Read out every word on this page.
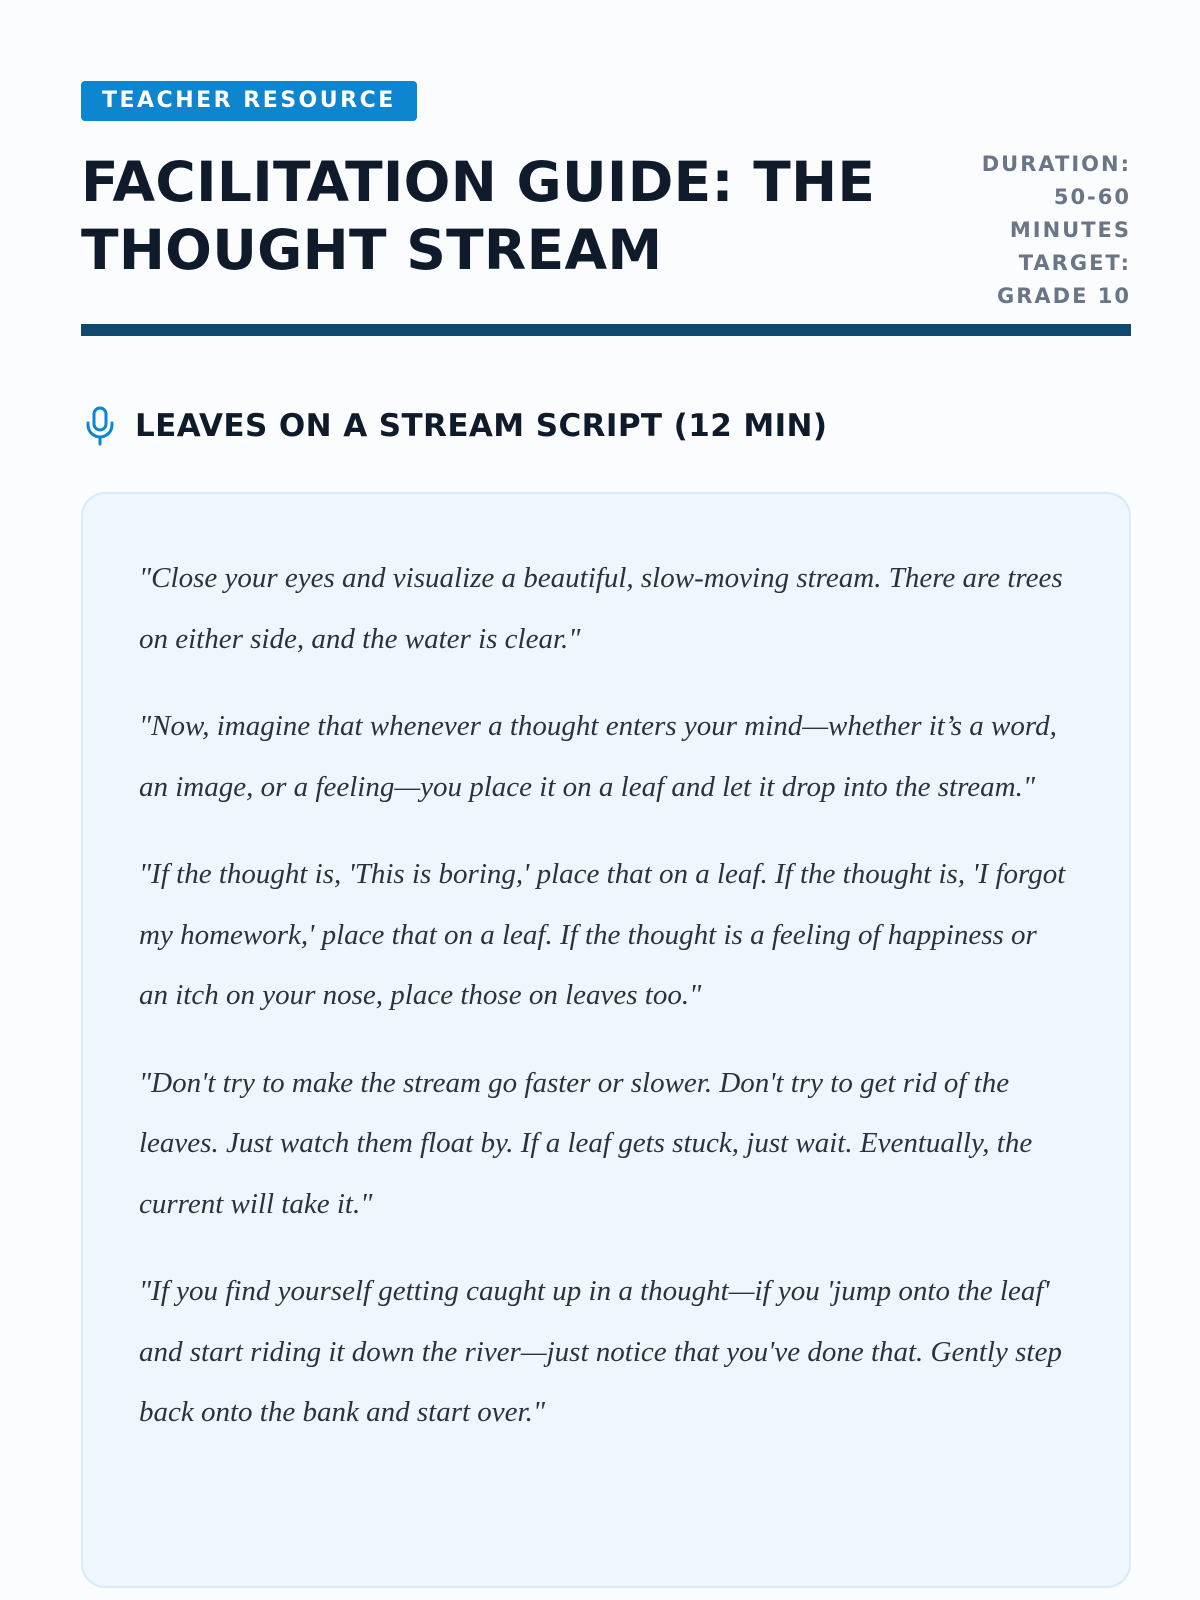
TEACHER RESOURCE
FACILITATION GUIDE: THE THOUGHT STREAM
DURATION: 50-60 MINUTES
TARGET: GRADE 10
LEAVES ON A STREAM SCRIPT (12 MIN)

"Close your eyes and visualize a beautiful, slow-moving stream. There are trees on either side, and the water is clear."

"Now, imagine that whenever a thought enters your mind—whether it’s a word, an image, or a feeling—you place it on a leaf and let it drop into the stream."

"If the thought is, 'This is boring,' place that on a leaf. If the thought is, 'I forgot my homework,' place that on a leaf. If the thought is a feeling of happiness or an itch on your nose, place those on leaves too."

"Don't try to make the stream go faster or slower. Don't try to get rid of the leaves. Just watch them float by. If a leaf gets stuck, just wait. Eventually, the current will take it."

"If you find yourself getting caught up in a thought—if you 'jump onto the leaf' and start riding it down the river—just notice that you've done that. Gently step back onto the bank and start over."
